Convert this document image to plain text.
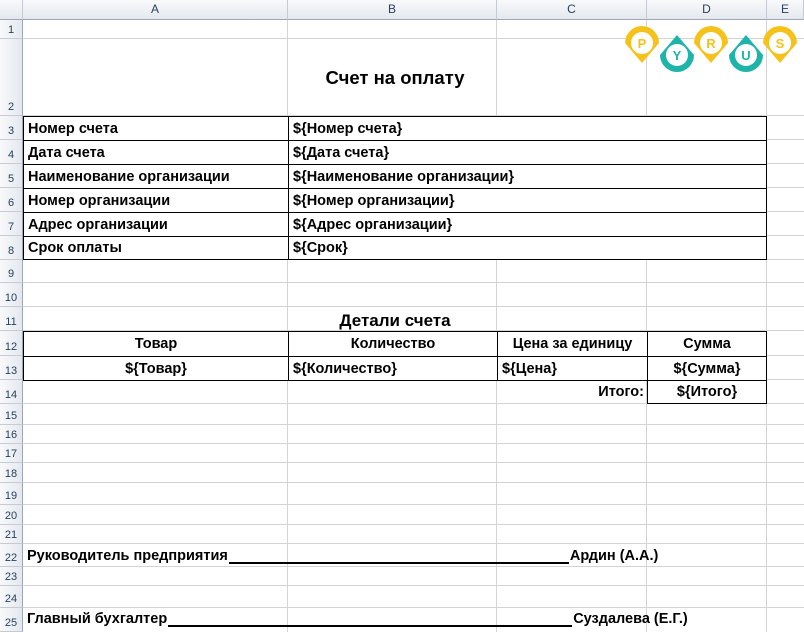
A	B	C	D	E
1
2
3
4
5
6
7
8
9
10
11
12
13
14
15
16
17
18
19
20
21
22
23
24
25
Счет на оплату
Номер счета	${Номер счета}
Дата счета	${Дата счета}
Наименование организации	${Наименование организации}
Номер организации	${Номер организации}
Адрес организации	${Адрес организации}
Срок оплаты	${Срок}
Детали счета
Товар	Количество	Цена за единицу	Сумма
${Товар}	${Количество}	${Цена}	${Сумма}
Итого:	${Итого}
Руководитель предприятия	Ардин (А.А.)
Главный бухгалтер	Суздалева (Е.Г.)
P
Y
R
U
S
